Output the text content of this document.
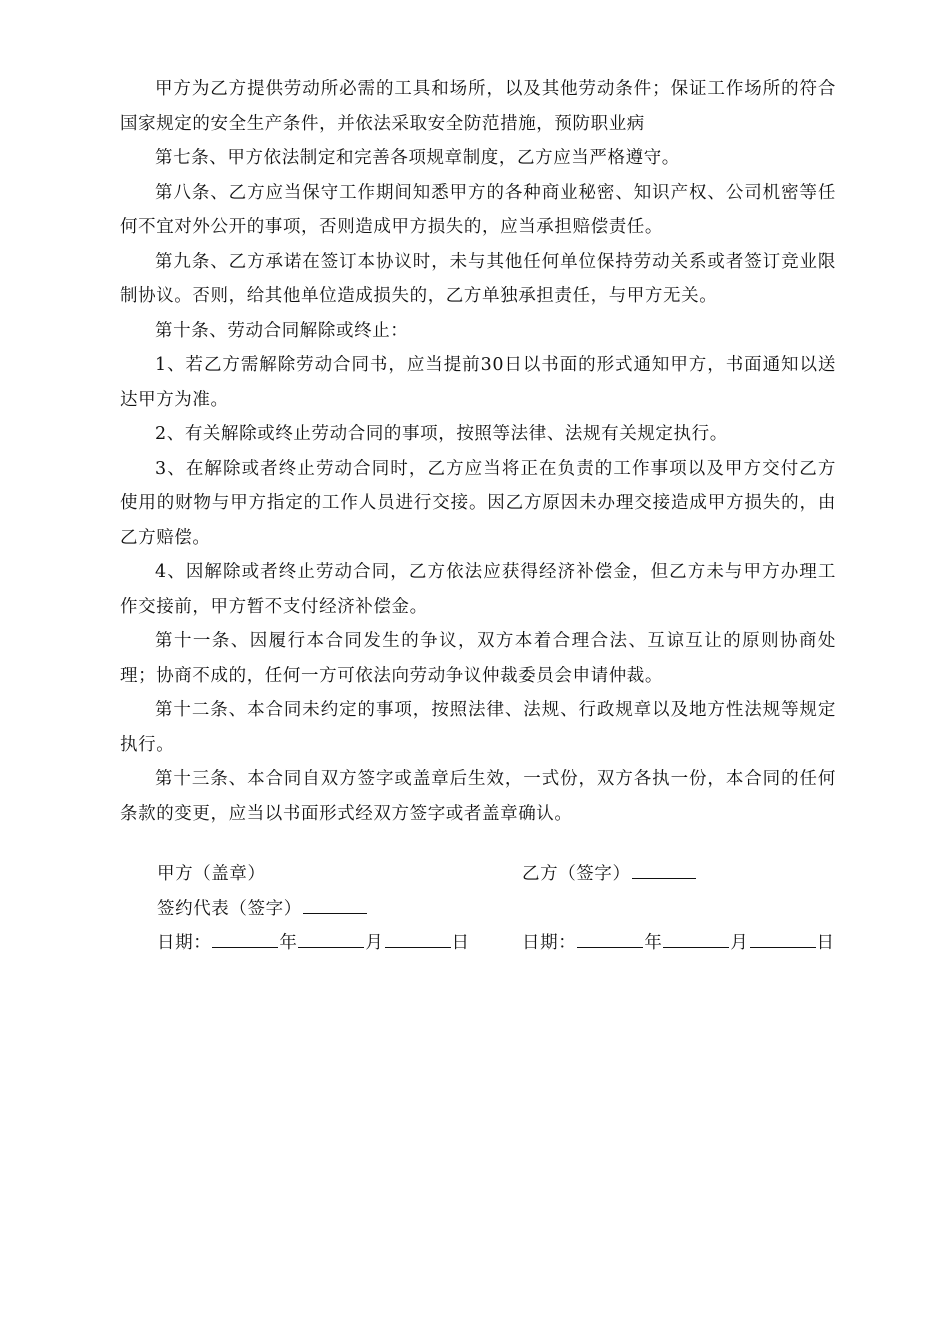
甲方为乙方提供劳动所必需的工具和场所，以及其他劳动条件；保证工作场所的符合国家规定的安全生产条件，并依法采取安全防范措施，预防职业病

第七条、甲方依法制定和完善各项规章制度，乙方应当严格遵守。

第八条、乙方应当保守工作期间知悉甲方的各种商业秘密、知识产权、公司机密等任何不宜对外公开的事项，否则造成甲方损失的，应当承担赔偿责任。

第九条、乙方承诺在签订本协议时，未与其他任何单位保持劳动关系或者签订竞业限制协议。否则，给其他单位造成损失的，乙方单独承担责任，与甲方无关。

第十条、劳动合同解除或终止：

1、若乙方需解除劳动合同书，应当提前30日以书面的形式通知甲方，书面通知以送达甲方为准。

2、有关解除或终止劳动合同的事项，按照等法律、法规有关规定执行。

3、在解除或者终止劳动合同时，乙方应当将正在负责的工作事项以及甲方交付乙方使用的财物与甲方指定的工作人员进行交接。因乙方原因未办理交接造成甲方损失的，由乙方赔偿。

4、因解除或者终止劳动合同，乙方依法应获得经济补偿金，但乙方未与甲方办理工作交接前，甲方暂不支付经济补偿金。

第十一条、因履行本合同发生的争议，双方本着合理合法、互谅互让的原则协商处理；协商不成的，任何一方可依法向劳动争议仲裁委员会申请仲裁。

第十二条、本合同未约定的事项，按照法律、法规、行政规章以及地方性法规等规定执行。

第十三条、本合同自双方签字或盖章后生效，一式份，双方各执一份，本合同的任何条款的变更，应当以书面形式经双方签字或者盖章确认。

甲方（盖章）	乙方（签字）
签约代表（签字）
日期：	年	月	日	日期：	年	月	日
